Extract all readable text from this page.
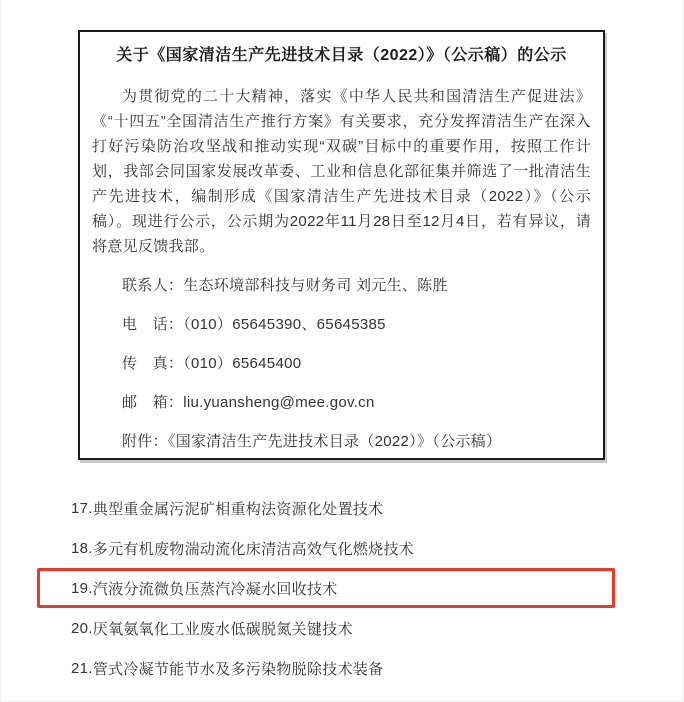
关于《国家清洁生产先进技术目录（2022）》（公示稿）的公示

为贯彻党的二十大精神，落实《中华人民共和国清洁生产促进法》《“十四五”全国清洁生产推行方案》有关要求，充分发挥清洁生产在深入打好污染防治攻坚战和推动实现“双碳”目标中的重要作用，按照工作计划，我部会同国家发展改革委、工业和信息化部征集并筛选了一批清洁生产先进技术，编制形成《国家清洁生产先进技术目录（2022）》（公示稿）。现进行公示，公示期为2022年11月28日至12月4日，若有异议，请将意见反馈我部。

联系人：生态环境部科技与财务司 刘元生、陈胜
电　话：（010）65645390、65645385
传　真：（010）65645400
邮　箱：liu.yuansheng@mee.gov.cn
附件：《国家清洁生产先进技术目录（2022）》（公示稿）
17. 典型重金属污泥矿相重构法资源化处置技术
18. 多元有机废物湍动流化床清洁高效气化燃烧技术
19. 汽液分流微负压蒸汽冷凝水回收技术
20. 厌氧氨氧化工业废水低碳脱氮关键技术
21. 管式冷凝节能节水及多污染物脱除技术装备
